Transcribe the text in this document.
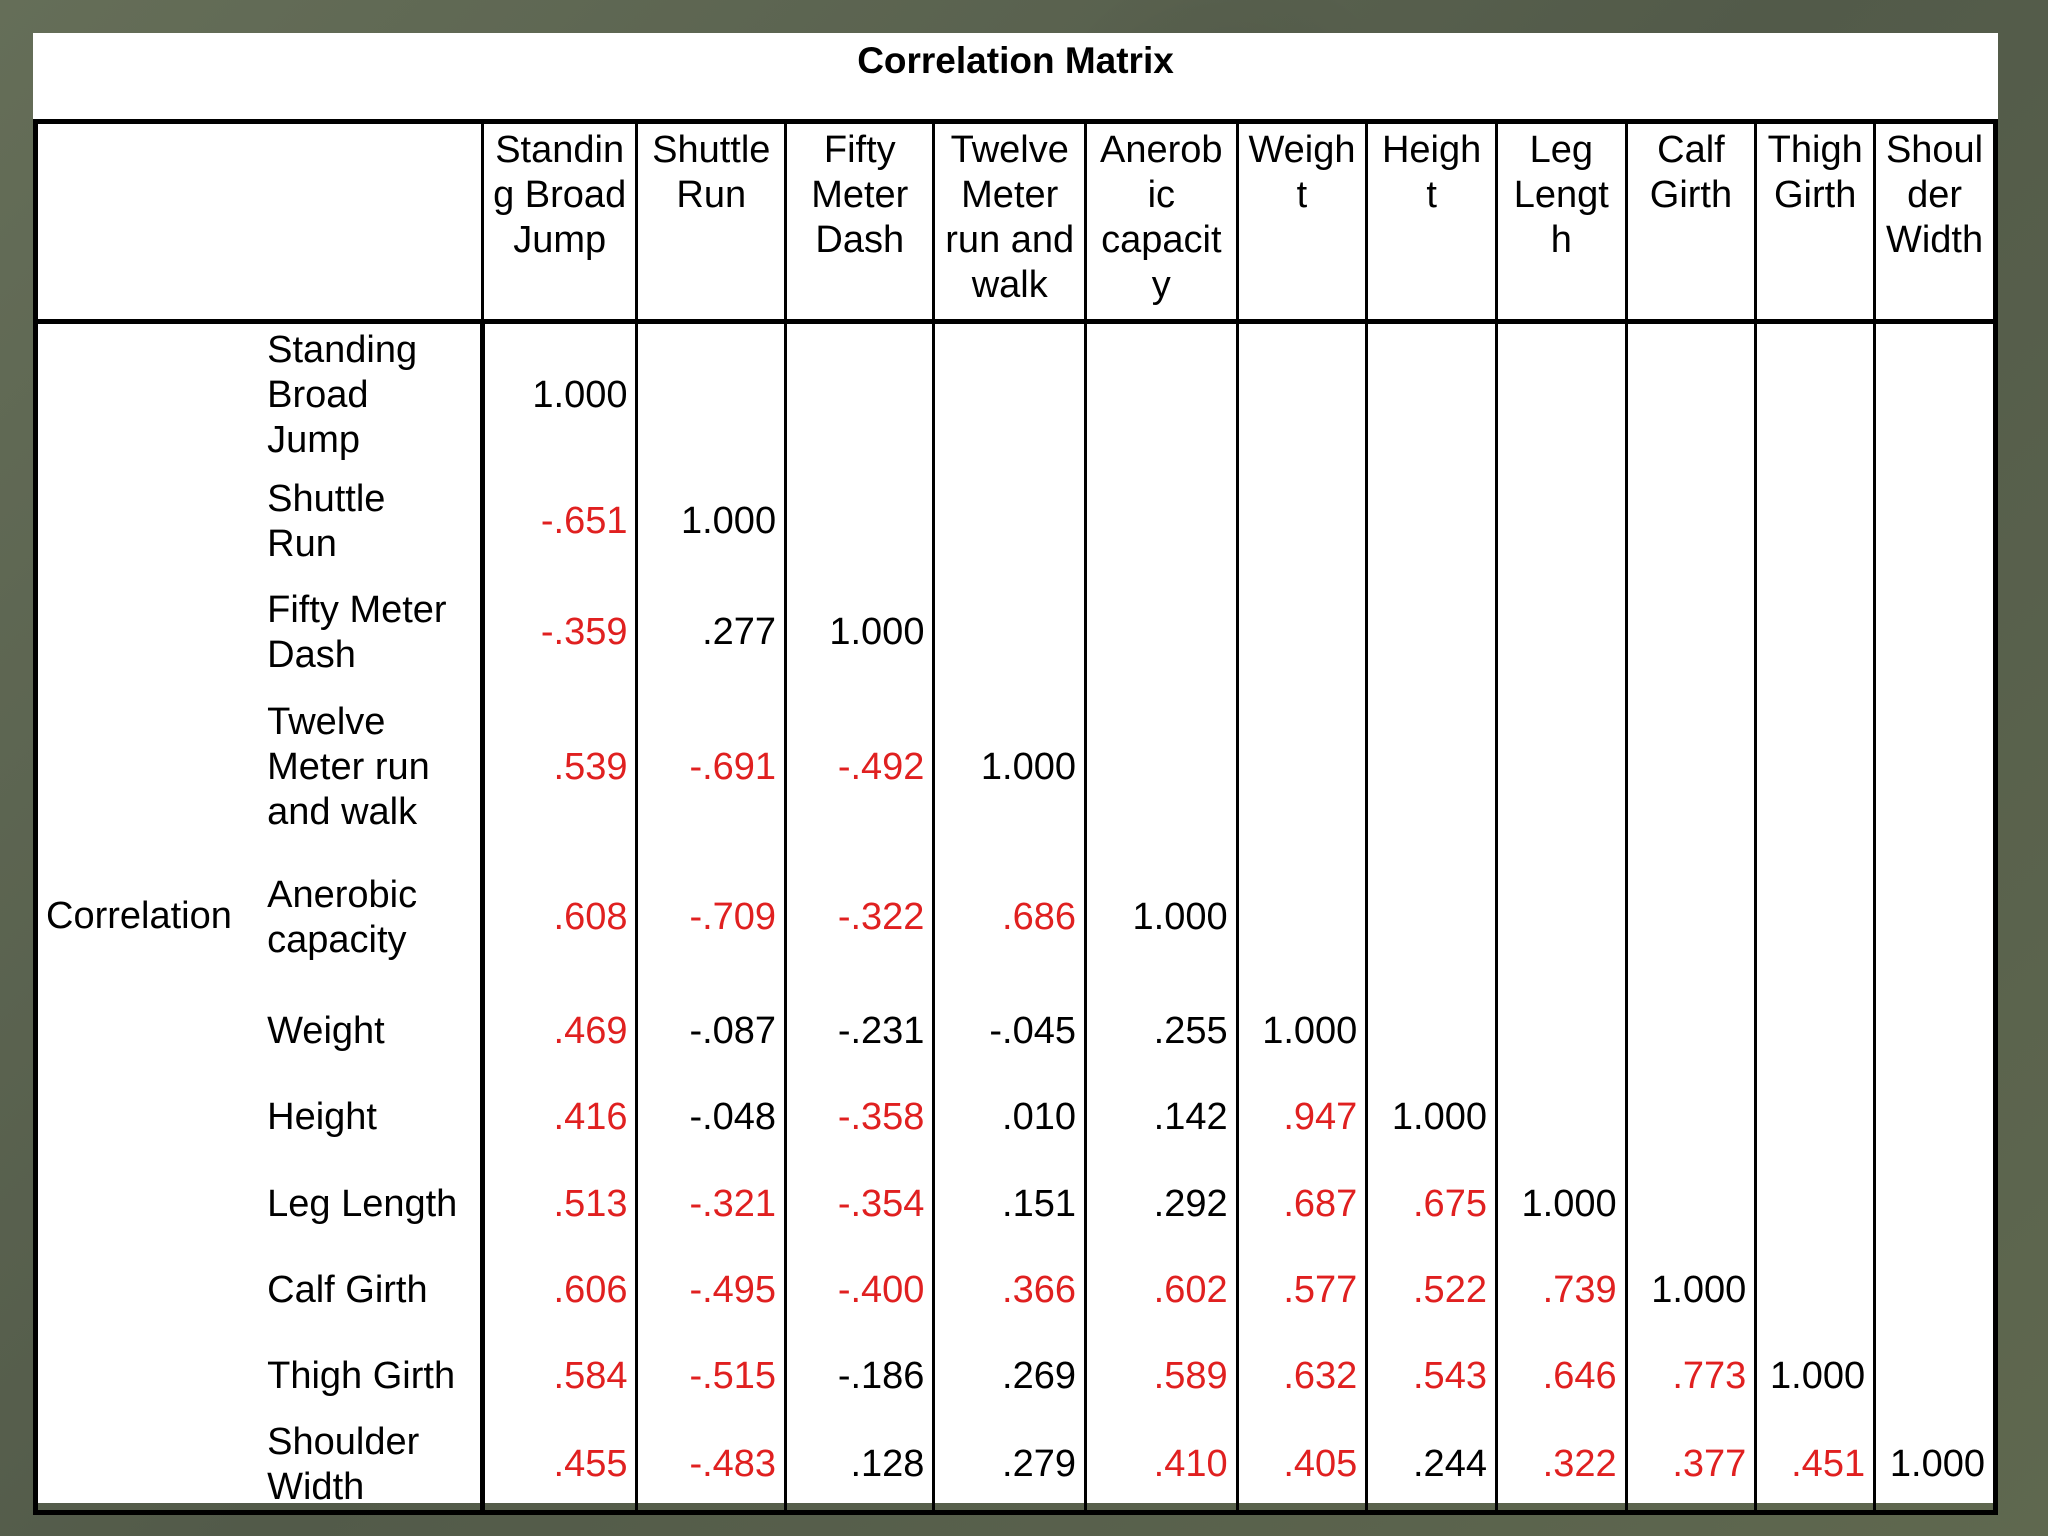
Correlation Matrix
		Standin
g Broad
Jump	Shuttle
Run	Fifty
Meter
Dash	Twelve
Meter
run and
walk	Anerob
ic
capacit
y	Weigh
t	Heigh
t	Leg
Lengt
h	Calf
Girth	Thigh
Girth	Shoul
der
Width
Correlation	Standing
Broad
Jump	1.000										
	Shuttle
Run	-.651	1.000									
	Fifty Meter
Dash	-.359	.277	1.000								
	Twelve
Meter run
and walk	.539	-.691	-.492	1.000							
	Anerobic
capacity	.608	-.709	-.322	.686	1.000						
	Weight	.469	-.087	-.231	-.045	.255	1.000					
	Height	.416	-.048	-.358	.010	.142	.947	1.000				
	Leg Length	.513	-.321	-.354	.151	.292	.687	.675	1.000			
	Calf Girth	.606	-.495	-.400	.366	.602	.577	.522	.739	1.000		
	Thigh Girth	.584	-.515	-.186	.269	.589	.632	.543	.646	.773	1.000	
	Shoulder
Width	.455	-.483	.128	.279	.410	.405	.244	.322	.377	.451	1.000
